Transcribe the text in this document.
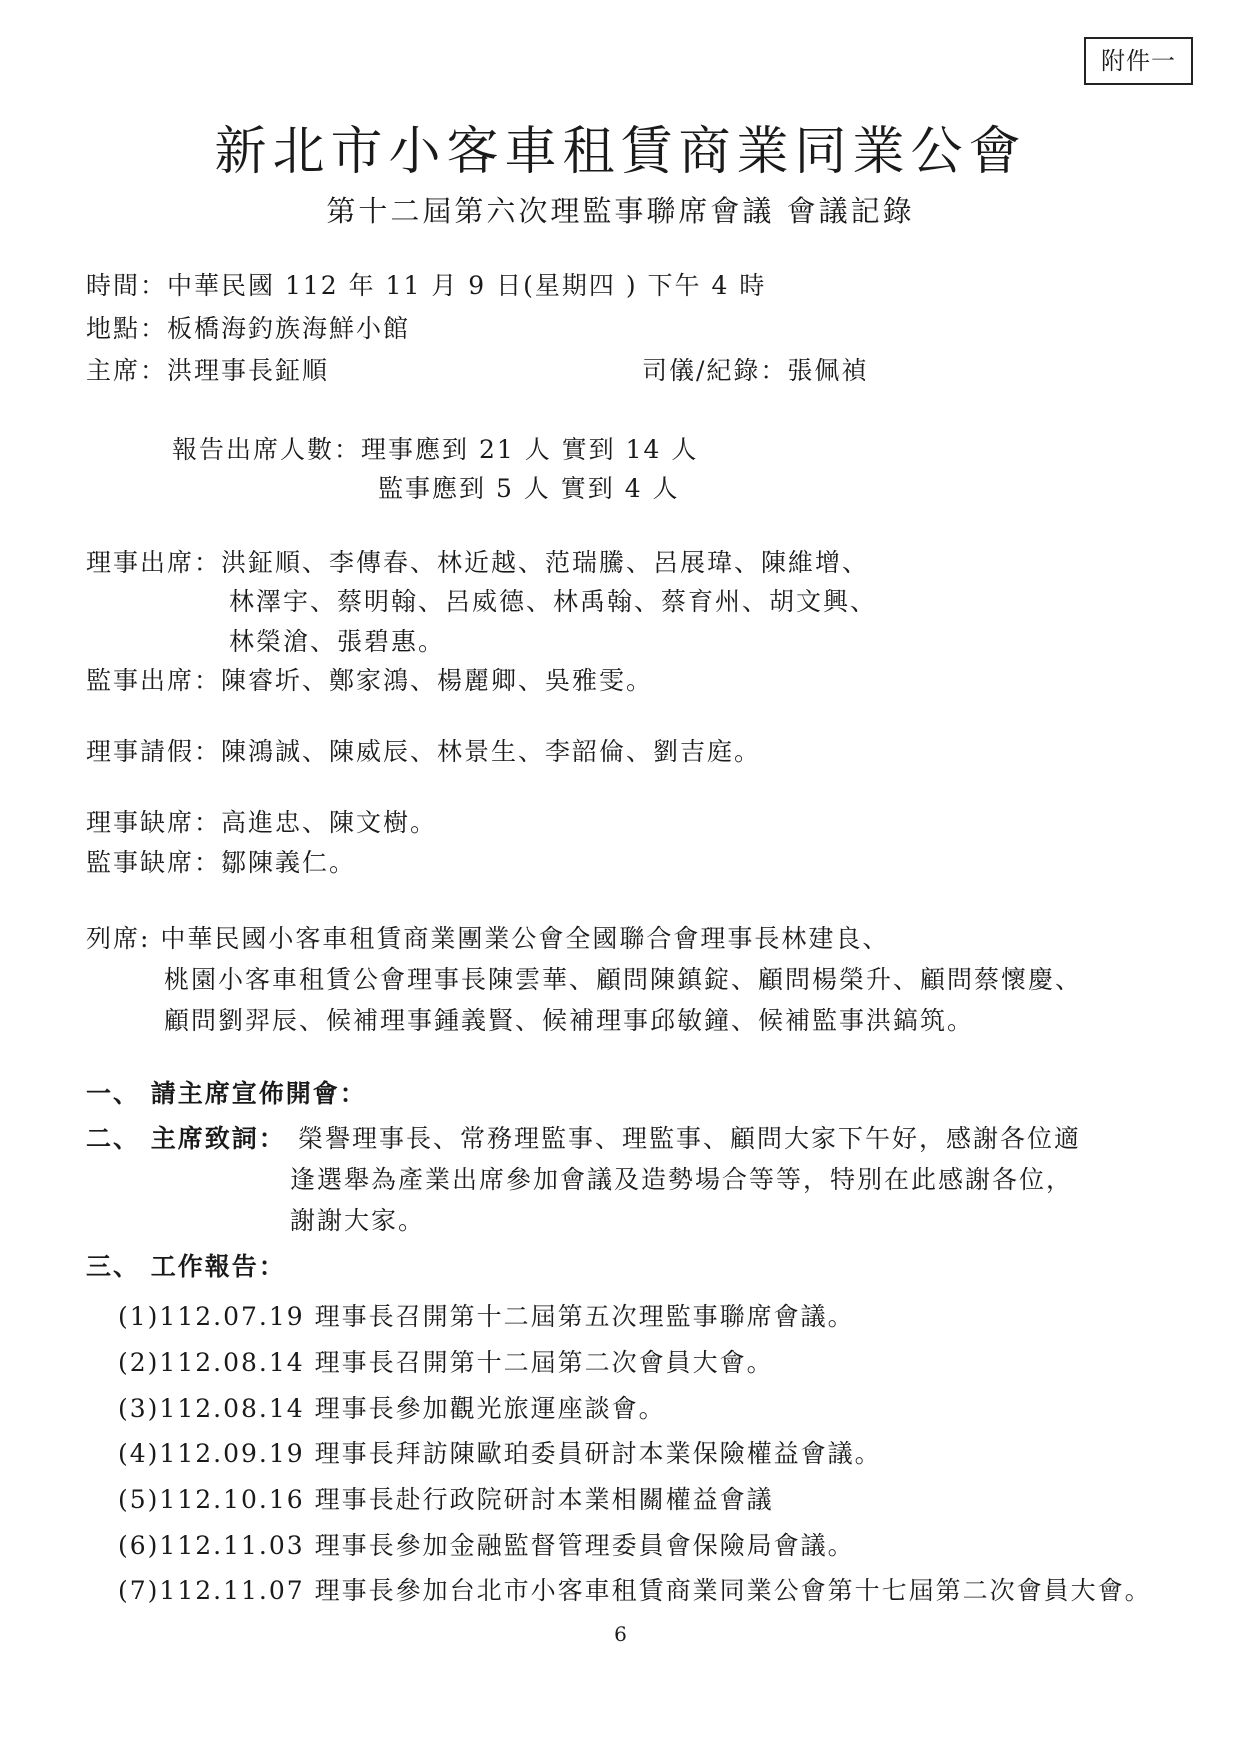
附件一
新北市小客車租賃商業同業公會
第十二屆第六次理監事聯席會議 會議記錄
時間：中華民國 112 年 11 月 9 日(星期四 ) 下午 4 時
地點：板橋海釣族海鮮小館
主席：洪理事長鉦順	司儀/紀錄：張佩禎
報告出席人數：理事應到 21 人 實到 14 人
監事應到 5 人 實到 4 人
理事出席：洪鉦順、李傳春、林近越、范瑞騰、呂展瑋、陳維增、
林澤宇、蔡明翰、呂威德、林禹翰、蔡育州、胡文興、
林榮滄、張碧惠。
監事出席：陳睿圻、鄭家鴻、楊麗卿、吳雅雯。
理事請假：陳鴻誠、陳威辰、林景生、李韶倫、劉吉庭。
理事缺席：高進忠、陳文樹。
監事缺席：鄒陳義仁。
列席: 中華民國小客車租賃商業團業公會全國聯合會理事長林建良、
桃園小客車租賃公會理事長陳雲華、顧問陳鎮錠、顧問楊榮升、顧問蔡懷慶、
顧問劉羿辰、候補理事鍾義賢、候補理事邱敏鐘、候補監事洪鎬筑。
一、 請主席宣佈開會：
二、 主席致詞： 榮譽理事長、常務理監事、理監事、顧問大家下午好，感謝各位適
逢選舉為產業出席參加會議及造勢場合等等，特別在此感謝各位，
謝謝大家。
三、 工作報告：
(1)112.07.19 理事長召開第十二屆第五次理監事聯席會議。
(2)112.08.14 理事長召開第十二屆第二次會員大會。
(3)112.08.14 理事長參加觀光旅運座談會。
(4)112.09.19 理事長拜訪陳歐珀委員研討本業保險權益會議。
(5)112.10.16 理事長赴行政院研討本業相關權益會議
(6)112.11.03 理事長參加金融監督管理委員會保險局會議。
(7)112.11.07 理事長參加台北市小客車租賃商業同業公會第十七屆第二次會員大會。
6
